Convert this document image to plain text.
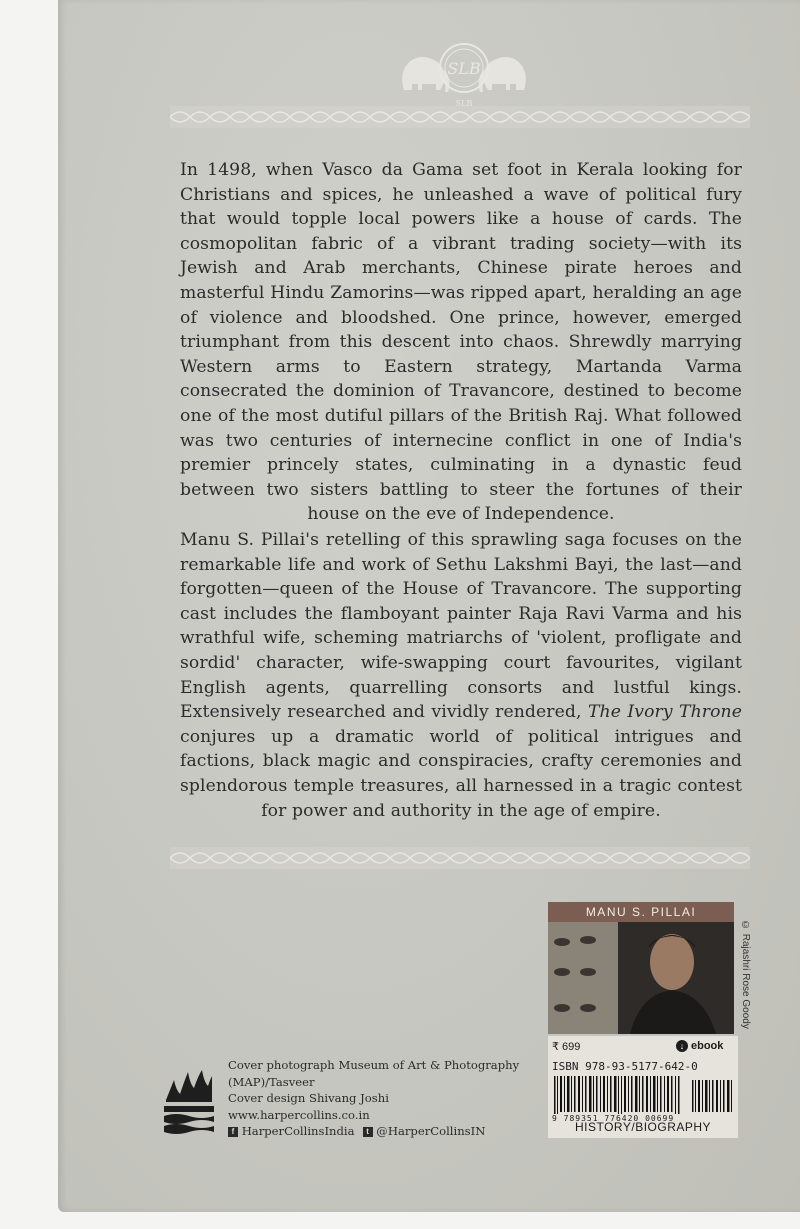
SLB
SLB

In 1498, when Vasco da Gama set foot in Kerala looking for Christians and spices, he unleashed a wave of political fury that would topple local powers like a house of cards. The cosmopolitan fabric of a vibrant trading society—with its Jewish and Arab merchants, Chinese pirate heroes and masterful Hindu Zamorins—was ripped apart, heralding an age of violence and bloodshed. One prince, however, emerged triumphant from this descent into chaos. Shrewdly marrying Western arms to Eastern strategy, Martanda Varma consecrated the dominion of Travancore, destined to become one of the most dutiful pillars of the British Raj. What followed was two centuries of internecine conflict in one of India's premier princely states, culminating in a dynastic feud between two sisters battling to steer the fortunes of their house on the eve of Independence.

Manu S. Pillai's retelling of this sprawling saga focuses on the remarkable life and work of Sethu Lakshmi Bayi, the last—and forgotten—queen of the House of Travancore. The supporting cast includes the flamboyant painter Raja Ravi Varma and his wrathful wife, scheming matriarchs of 'violent, profligate and sordid' character, wife-swapping court favourites, vigilant English agents, quarrelling consorts and lustful kings. Extensively researched and vividly rendered, The Ivory Throne conjures up a dramatic world of political intrigues and factions, black magic and conspiracies, crafty ceremonies and splendorous temple treasures, all harnessed in a tragic contest for power and authority in the age of empire.

MANU S. PILLAI
© Rajashri Rose Goody
₹ 699	↓ ebook
ISBN 978-93-5177-642-0
9 789351 776420 00699
HISTORY/BIOGRAPHY
Cover photograph Museum of Art & Photography
(MAP)/Tasveer
Cover design Shivang Joshi
www.harpercollins.co.in
f HarperCollinsIndia	t @HarperCollinsIN
